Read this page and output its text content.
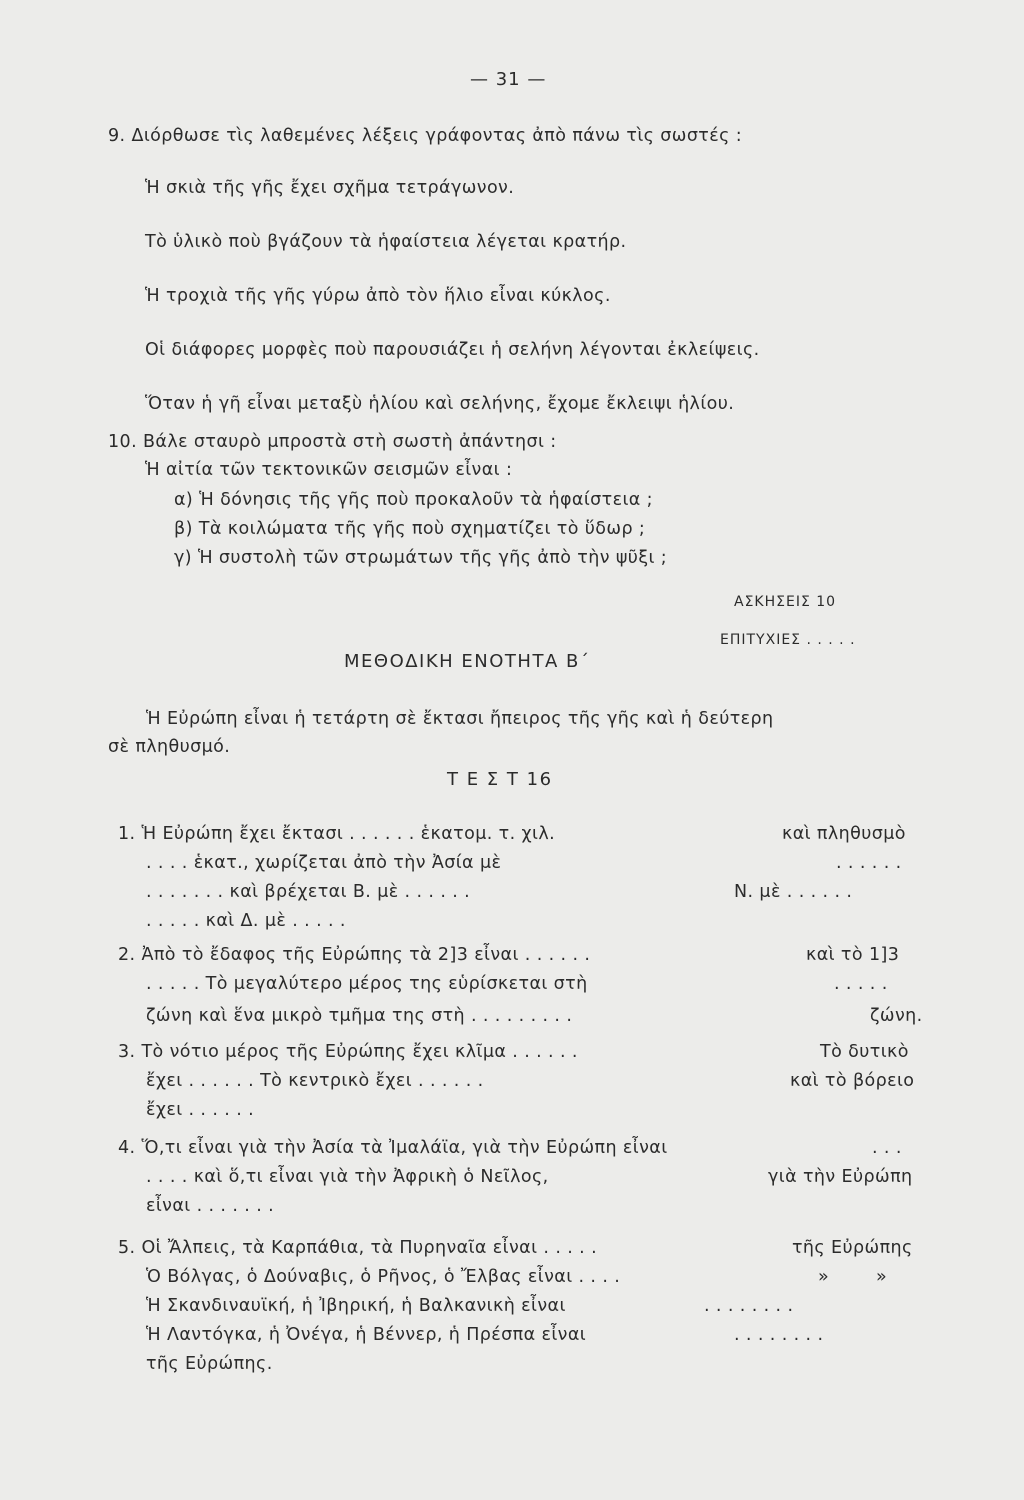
— 31 —

9. Διόρθωσε τὶς λαθεμένες λέξεις γράφοντας ἀπὸ πάνω τὶς σωστές :

Ἡ σκιὰ τῆς γῆς ἔχει σχῆμα τετράγωνον.

Τὸ ὑλικὸ ποὺ βγάζουν τὰ ἡφαίστεια λέγεται κρατήρ.

Ἡ τροχιὰ τῆς γῆς γύρω ἀπὸ τὸν ἥλιο εἶναι κύκλος.

Οἱ διάφορες μορφὲς ποὺ παρουσιάζει ἡ σελήνη λέγονται ἐκλείψεις.

Ὅταν ἡ γῆ εἶναι μεταξὺ ἡλίου καὶ σελήνης, ἔχομε ἔκλειψι ἡλίου.

10. Βάλε σταυρὸ μπροστὰ στὴ σωστὴ ἀπάντησι :

Ἡ αἰτία τῶν τεκτονικῶν σεισμῶν εἶναι :

α) Ἡ δόνησις τῆς γῆς ποὺ προκαλοῦν τὰ ἡφαίστεια ;

β) Τὰ κοιλώματα τῆς γῆς ποὺ σχηματίζει τὸ ὕδωρ ;

γ) Ἡ συστολὴ τῶν στρωμάτων τῆς γῆς ἀπὸ τὴν ψῦξι ;

ΑΣΚΗΣΕΙΣ 10

ΕΠΙΤΥΧΙΕΣ . . . . .

ΜΕΘΟΔΙΚΗ ΕΝΟΤΗΤΑ Β΄

Ἡ Εὐρώπη εἶναι ἡ τετάρτη σὲ ἔκτασι ἤπειρος τῆς γῆς καὶ ἡ δεύτερη

σὲ πληθυσμό.

Τ Ε Σ Τ 16

1. Ἡ Εὐρώπη ἔχει ἔκτασι . . . . . . ἑκατομ. τ. χιλ.	καὶ πληθυσμὸ

. . . . ἑκατ., χωρίζεται ἀπὸ τὴν Ἀσία μὲ	. . . . . .

. . . . . . . καὶ βρέχεται Β. μὲ . . . . . .	Ν. μὲ . . . . . .

. . . . . καὶ Δ. μὲ . . . . .

2. Ἀπὸ τὸ ἔδαφος τῆς Εὐρώπης τὰ 2]3 εἶναι . . . . . .	καὶ τὸ 1]3

. . . . . Τὸ μεγαλύτερο μέρος της εὑρίσκεται στὴ	. . . . .

ζώνη καὶ ἕνα μικρὸ τμῆμα της στὴ . . . . . . . . .	ζώνη.

3. Τὸ νότιο μέρος τῆς Εὐρώπης ἔχει κλῖμα . . . . . .	Τὸ δυτικὸ

ἔχει . . . . . . Τὸ κεντρικὸ ἔχει . . . . . .	καὶ τὸ βόρειο

ἔχει . . . . . .

4. Ὅ,τι εἶναι γιὰ τὴν Ἀσία τὰ Ἰμαλάϊα, γιὰ τὴν Εὐρώπη εἶναι	. . .

. . . . καὶ ὅ,τι εἶναι γιὰ τὴν Ἀφρικὴ ὁ Νεῖλος,	γιὰ τὴν Εὐρώπη

εἶναι . . . . . . .

5. Οἱ Ἄλπεις, τὰ Καρπάθια, τὰ Πυρηναῖα εἶναι . . . . .	τῆς Εὐρώπης

Ὁ Βόλγας, ὁ Δούναβις, ὁ Ρῆνος, ὁ Ἔλβας εἶναι . . . .	»	»

Ἡ Σκανδιναυϊκή, ἡ Ἰβηρική, ἡ Βαλκανικὴ εἶναι	. . . . . . . .

Ἡ Λαντόγκα, ἡ Ὀνέγα, ἡ Βέννερ, ἡ Πρέσπα εἶναι	. . . . . . . .

τῆς Εὐρώπης.
